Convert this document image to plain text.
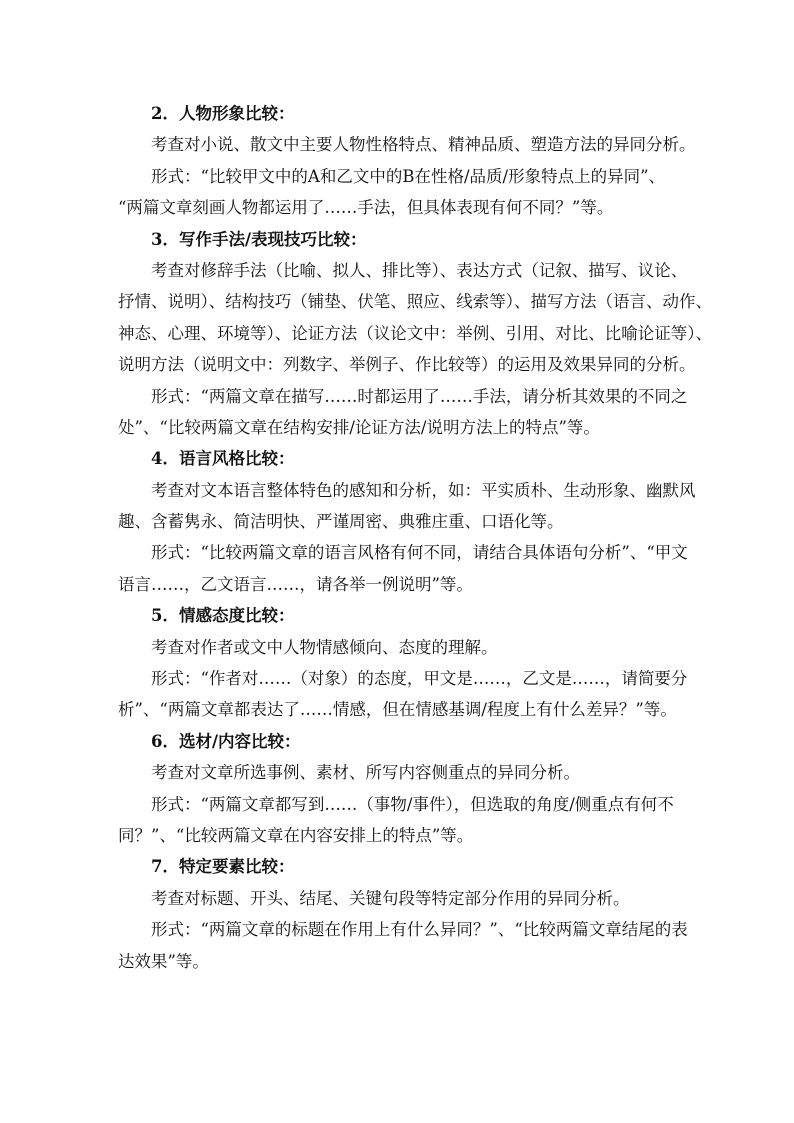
2．人物形象比较：
考查对小说、散文中主要人物性格特点、精神品质、塑造方法的异同分析。
形式：“比较甲文中的A和乙文中的B在性格/品质/形象特点上的异同”、
“两篇文章刻画人物都运用了……手法，但具体表现有何不同？”等。
3．写作手法/表现技巧比较：
考查对修辞手法（比喻、拟人、排比等）、表达方式（记叙、描写、议论、
抒情、说明）、结构技巧（铺垫、伏笔、照应、线索等）、描写方法（语言、动作、
神态、心理、环境等）、论证方法（议论文中：举例、引用、对比、比喻论证等）、
说明方法（说明文中：列数字、举例子、作比较等）的运用及效果异同的分析。
形式：“两篇文章在描写……时都运用了……手法，请分析其效果的不同之
处”、“比较两篇文章在结构安排/论证方法/说明方法上的特点”等。
4．语言风格比较：
考查对文本语言整体特色的感知和分析，如：平实质朴、生动形象、幽默风
趣、含蓄隽永、简洁明快、严谨周密、典雅庄重、口语化等。
形式：“比较两篇文章的语言风格有何不同，请结合具体语句分析”、“甲文
语言……，乙文语言……，请各举一例说明”等。
5．情感态度比较：
考查对作者或文中人物情感倾向、态度的理解。
形式：“作者对……（对象）的态度，甲文是……，乙文是……，请简要分
析”、“两篇文章都表达了……情感，但在情感基调/程度上有什么差异？”等。
6．选材/内容比较：
考查对文章所选事例、素材、所写内容侧重点的异同分析。
形式：“两篇文章都写到……（事物/事件），但选取的角度/侧重点有何不
同？”、“比较两篇文章在内容安排上的特点”等。
7．特定要素比较：
考查对标题、开头、结尾、关键句段等特定部分作用的异同分析。
形式：“两篇文章的标题在作用上有什么异同？”、“比较两篇文章结尾的表
达效果”等。
